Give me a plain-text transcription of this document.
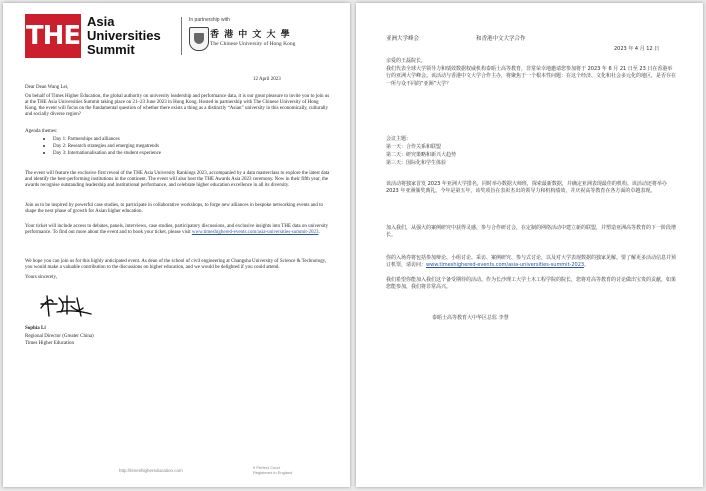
THE Asia
Universities
Summit
In partnership with
香 港 中 文 大 學
The Chinese University of Hong Kong
12 April 2023
Dear Dean Wang Lei,
On behalf of Times Higher Education, the global authority on university leadership and performance data, it is our great pleasure to invite you to join us at the THE Asia Universities Summit taking place on 21–23 June 2023 in Hong Kong. Hosted in partnership with The Chinese University of Hong Kong, the event will focus on the fundamental question of whether there exists a thing as a distinctly “Asian” university in this economically, culturally and socially diverse region?
Agenda themes:
Day 1: Partnerships and alliances
Day 2: Research strategies and emerging megatrends
Day 3: Internationalisation and the student experience
The event will feature the exclusive first reveal of the THE Asia University Rankings 2023, accompanied by a data masterclass to explore the latest data and identify the best-performing institutions in the continent. The event will also host the THE Awards Asia 2023 ceremony. Now in their fifth year, the awards recognise outstanding leadership and institutional performance, and celebrate higher education excellence in all its diversity.
Join us to be inspired by powerful case studies, to participate in collaborative workshops, to forge new alliances in bespoke networking events and to shape the next phase of growth for Asian higher education.
Your ticket will include access to debates, panels, interviews, case studies, participatory discussions, and exclusive insights into THE data on university performance. To find out more about the event and to book your ticket, please visit www.timeshighered-events.com/asia-universities-summit-2023.
We hope you can join us for this highly anticipated event. As dean of the school of civil engineering at Changsha University of Science & Technology, you would make a valuable contribution to the discussions on higher education, and we would be delighted if you could attend.
Yours sincerely,
Sophia Li
Regional Director (Greater China)
Times Higher Education
http://timeshighereducation.com
9 Perfect Court
Registered in England
亚洲大学峰会	和香港中文大学合作
2023 年 4 月 12 日
亲爱的王磊院长，
我们代表全球大学领导力和绩效数据权威机构泰晤士高等教育，非常荣幸地邀请您参加将于 2023 年 6 月 21 日至 23 日在香港举行的亚洲大学峰会。该活动与香港中文大学合作主办，将聚焦于一个根本性问题：在这个经济、文化和社会多元化的地区，是否存在一所与众不同的“亚洲”大学？
会议主题：
第一天：合作关系和联盟
第二天：研究策略和新兴大趋势
第三天：国际化和学生体验
该活动将独家首发 2023 年亚洲大学排名，同时举办数据大师班，探索最新数据，并确定亚洲表现最佳的机构。该活动还将举办 2023 年亚洲颁奖典礼。今年是第五年，该奖项旨在表彰杰出的领导力和机构绩效，并庆祝高等教育在各方面的卓越表现。
加入我们，从强大的案例研究中获得灵感，参与合作研讨会，在定制的网络活动中建立新的联盟，并塑造亚洲高等教育的下一阶段增长。
你的入场券将包括参加辩论、小组讨论、采访、案例研究、参与式讨论，以及对大学表现数据的独家见解。要了解更多活动信息并预订机票，请访问：www.timeshighered-events.com/asia-universities-summit-2023。
我们希望你能加入我们这个备受期待的活动。作为长沙理工大学土木工程学院的院长，您将对高等教育的讨论做出宝贵的贡献，如果您能参加，我们将非常高兴。
泰晤士高等教育大中华区总监 李慧
